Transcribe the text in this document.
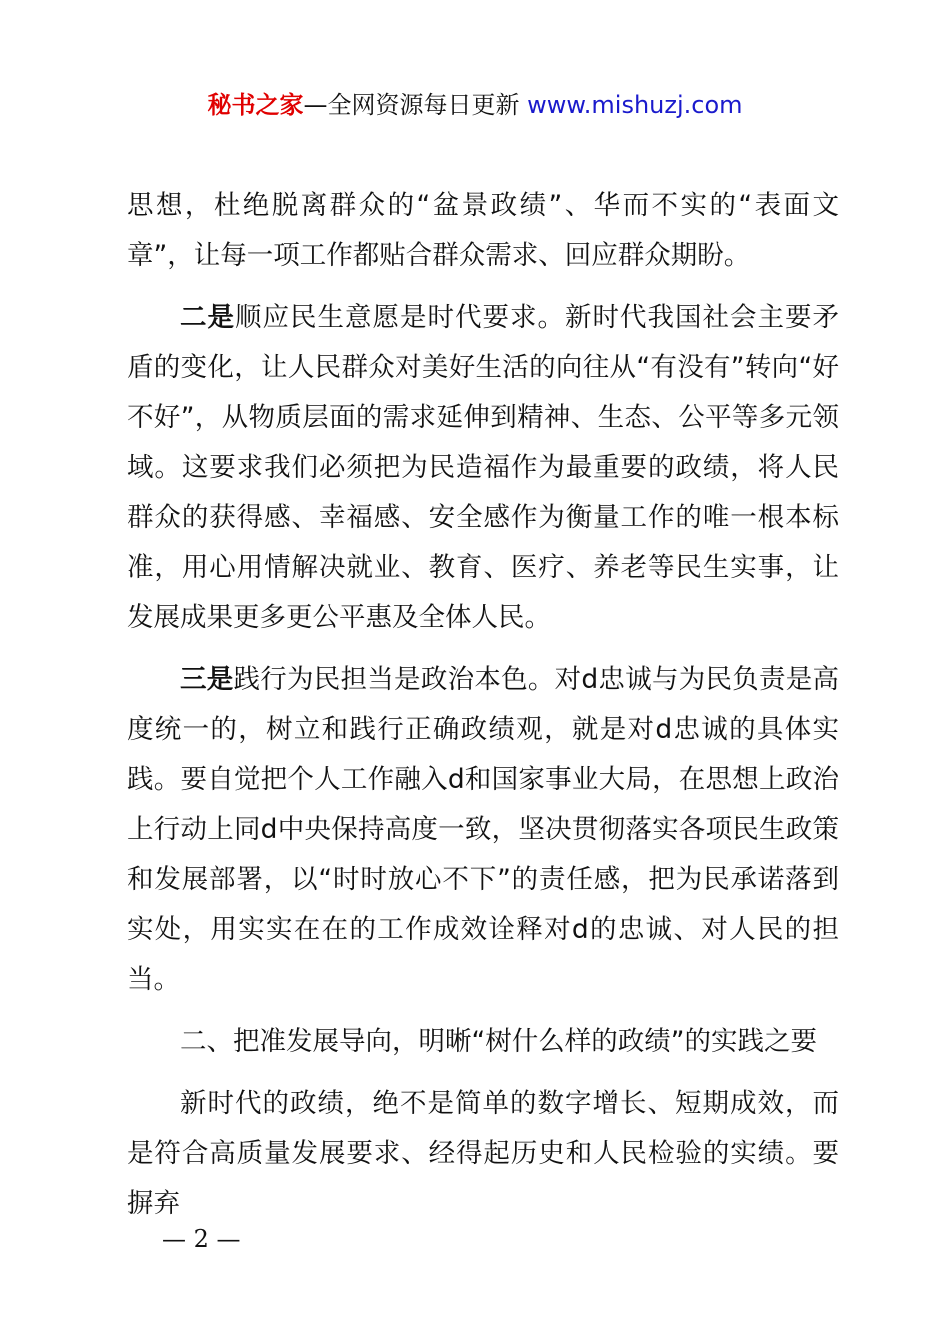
秘书之家—全网资源每日更新 www.mishuzj.com

思想，杜绝脱离群众的“盆景政绩”、华而不实的“表面文章”，让每一项工作都贴合群众需求、回应群众期盼。

二是顺应民生意愿是时代要求。新时代我国社会主要矛盾的变化，让人民群众对美好生活的向往从“有没有”转向“好不好”，从物质层面的需求延伸到精神、生态、公平等多元领域。这要求我们必须把为民造福作为最重要的政绩，将人民群众的获得感、幸福感、安全感作为衡量工作的唯一根本标准，用心用情解决就业、教育、医疗、养老等民生实事，让发展成果更多更公平惠及全体人民。

三是践行为民担当是政治本色。对d忠诚与为民负责是高度统一的，树立和践行正确政绩观，就是对d忠诚的具体实践。要自觉把个人工作融入d和国家事业大局，在思想上政治上行动上同d中央保持高度一致，坚决贯彻落实各项民生政策和发展部署，以“时时放心不下”的责任感，把为民承诺落到实处，用实实在在的工作成效诠释对d的忠诚、对人民的担当。

二、把准发展导向，明晰“树什么样的政绩”的实践之要

新时代的政绩，绝不是简单的数字增长、短期成效，而是符合高质量发展要求、经得起历史和人民检验的实绩。要摒弃

— 2 —
